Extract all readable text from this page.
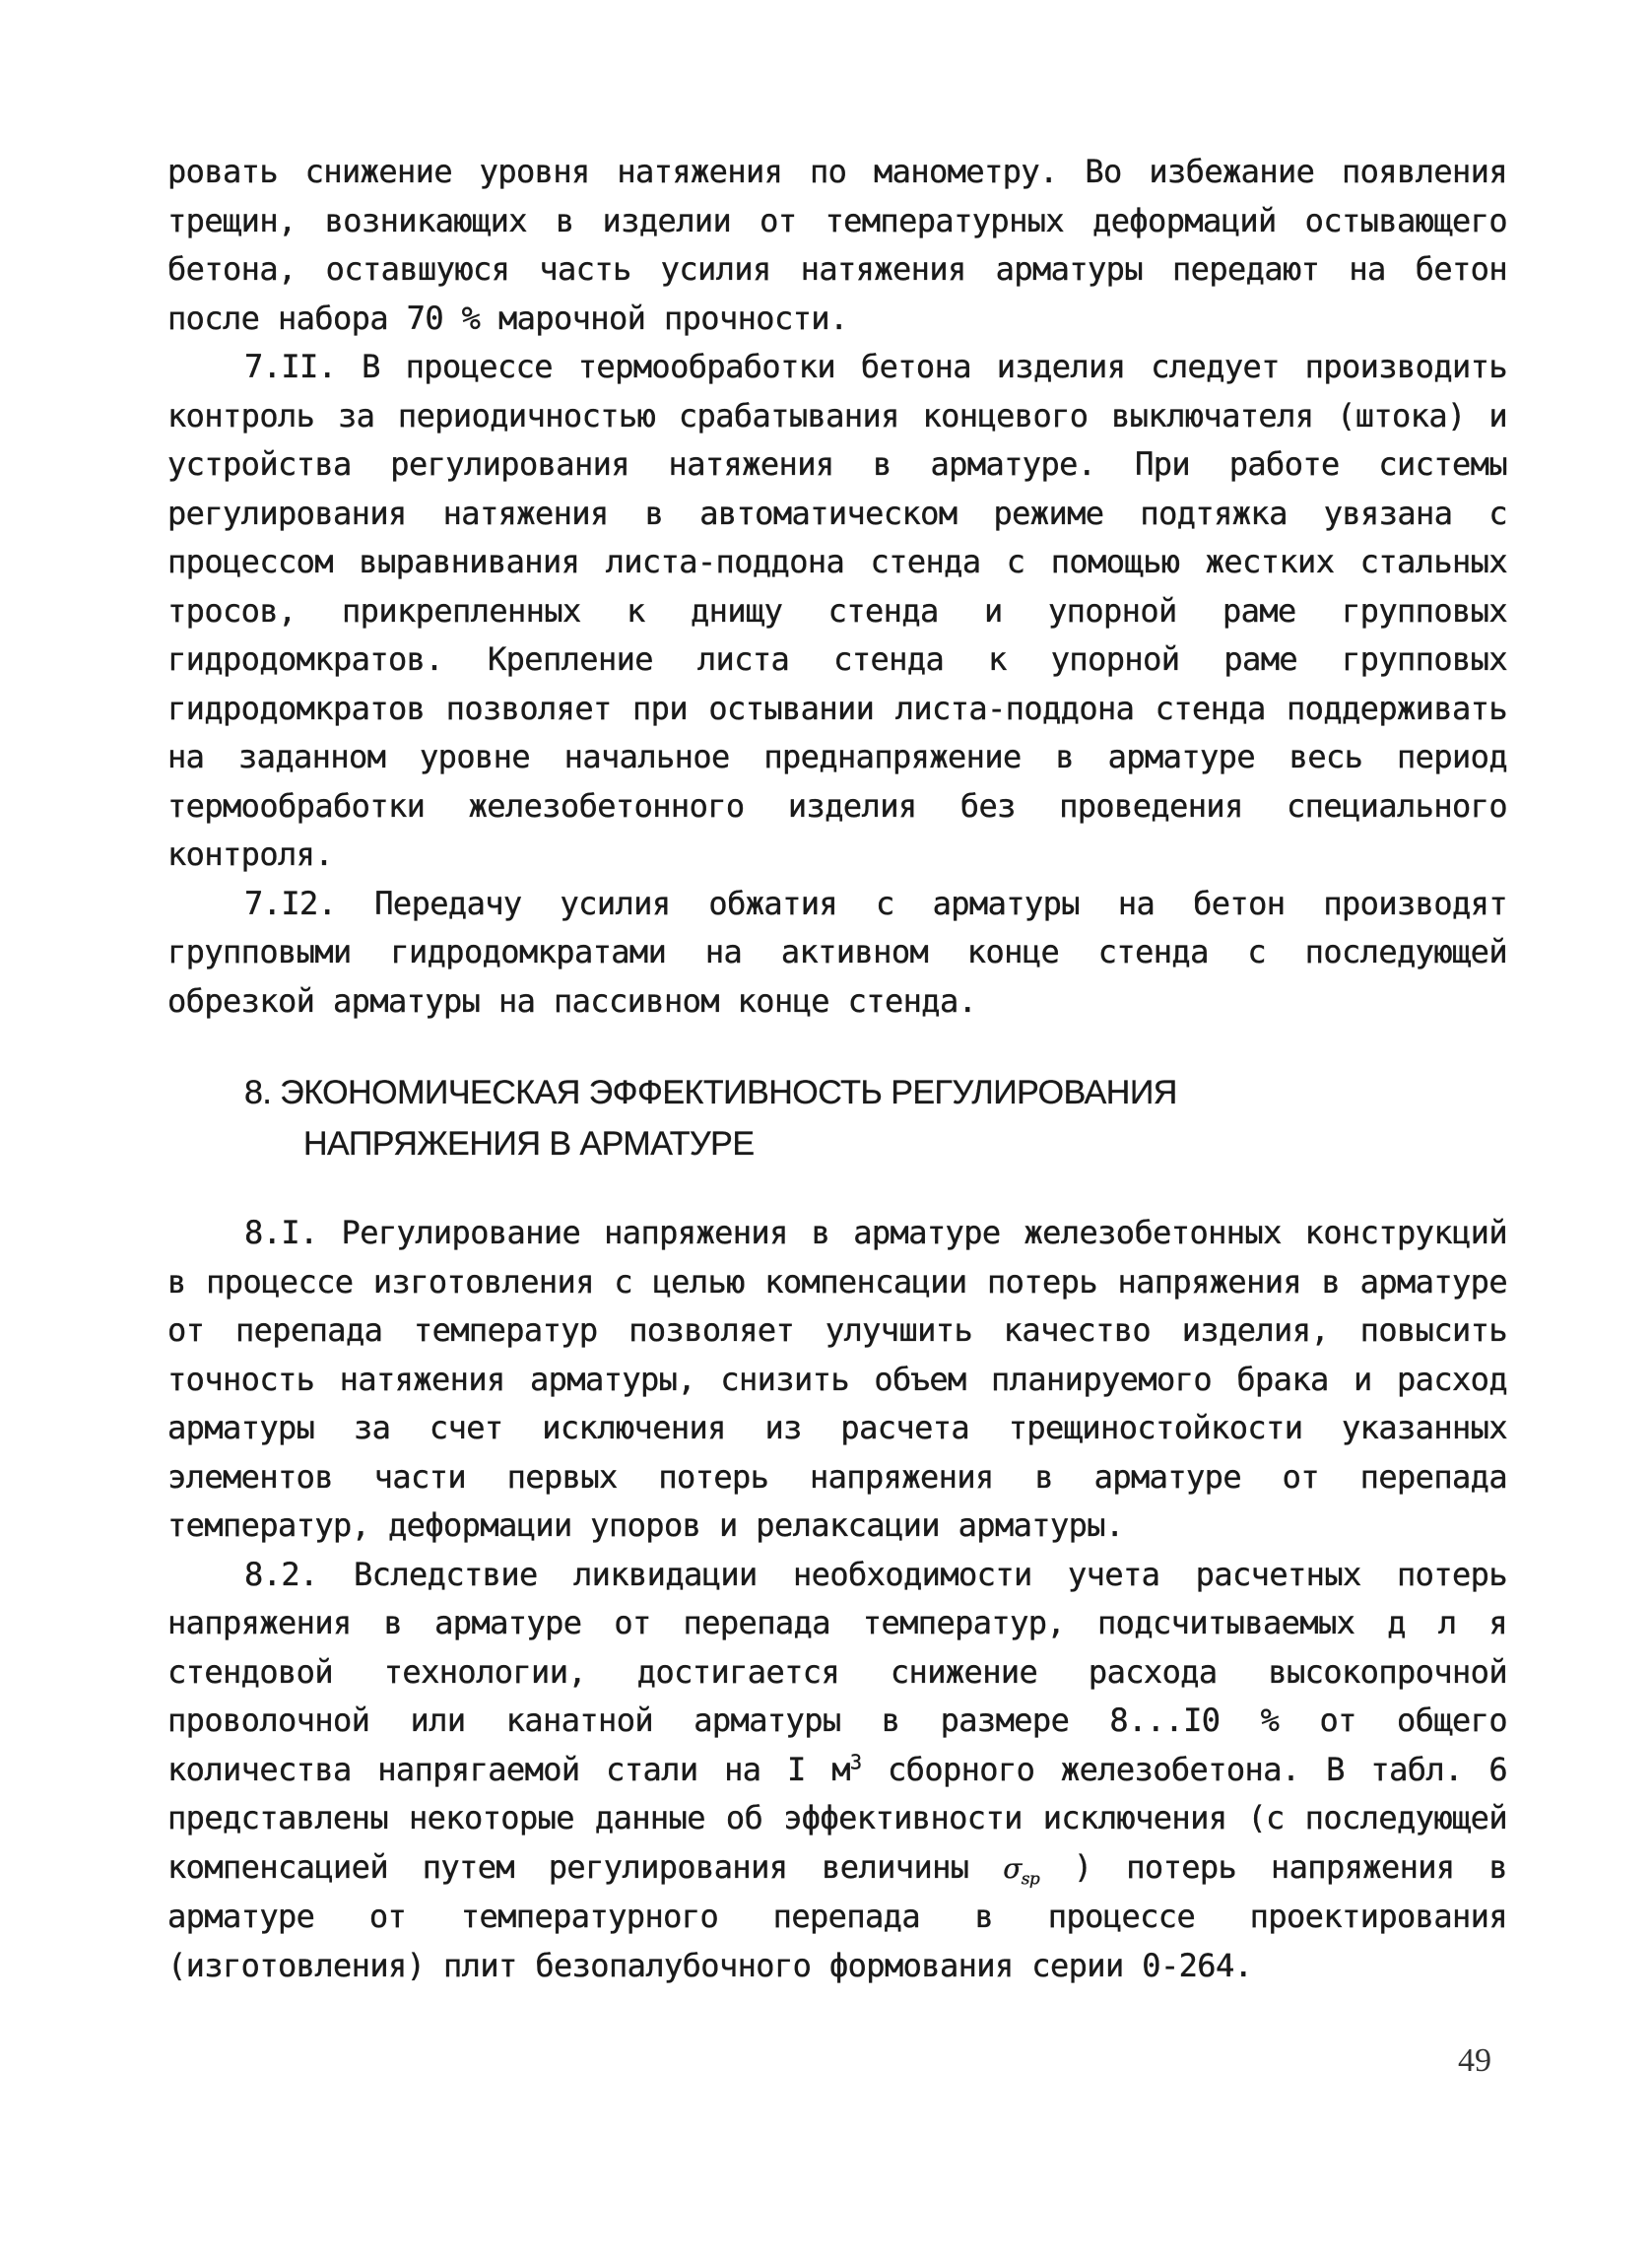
ровать снижение уровня натяжения по манометру. Во избежание появления трещин, возникающих в изделии от температурных деформаций остывающего бетона, оставшуюся часть усилия натяжения арматуры передают на бетон после набора 70 % марочной прочности.

7.II. В процессе термообработки бетона изделия следует производить контроль за периодичностью срабатывания концевого выключателя (штока) и устройства регулирования натяжения в арматуре. При работе системы регулирования натяжения в автоматическом режиме подтяжка увязана с процессом выравнивания листа-поддона стенда с помощью жестких стальных тросов, прикрепленных к днищу стенда и упорной раме групповых гидродомкратов. Крепление листа стенда к упорной раме групповых гидродомкратов позволяет при остывании листа-поддона стенда поддерживать на заданном уровне начальное преднапряжение в арматуре весь период термообработки железобетонного изделия без проведения специального контроля.

7.I2. Передачу усилия обжатия с арматуры на бетон производят групповыми гидродомкратами на активном конце стенда с последующей обрезкой арматуры на пассивном конце стенда.

8. ЭКОНОМИЧЕСКАЯ ЭФФЕКТИВНОСТЬ РЕГУЛИРОВАНИЯ
НАПРЯЖЕНИЯ В АРМАТУРЕ

8.I. Регулирование напряжения в арматуре железобетонных конструкций в процессе изготовления с целью компенсации потерь напряжения в арматуре от перепада температур позволяет улучшить качество изделия, повысить точность натяжения арматуры, снизить объем планируемого брака и расход арматуры за счет исключения из расчета трещиностойкости указанных элементов части первых потерь напряжения в арматуре от перепада температур, деформации упоров и релаксации арматуры.

8.2. Вследствие ликвидации необходимости учета расчетных потерь напряжения в арматуре от перепада температур, подсчитываемых д л я стендовой технологии, достигается снижение расхода высокопрочной проволочной или канатной арматуры в размере 8...I0 % от общего количества напрягаемой стали на I $м^3$ сборного железобетона. В табл. 6 представлены некоторые данные об эффективности исключения (с последующей компенсацией путем регулирования величины $\sigma_{sp}$ ) потерь напряжения в арматуре от температурного перепада в процессе проектирования (изготовления) плит безопалубочного формования серии 0-264.

49
